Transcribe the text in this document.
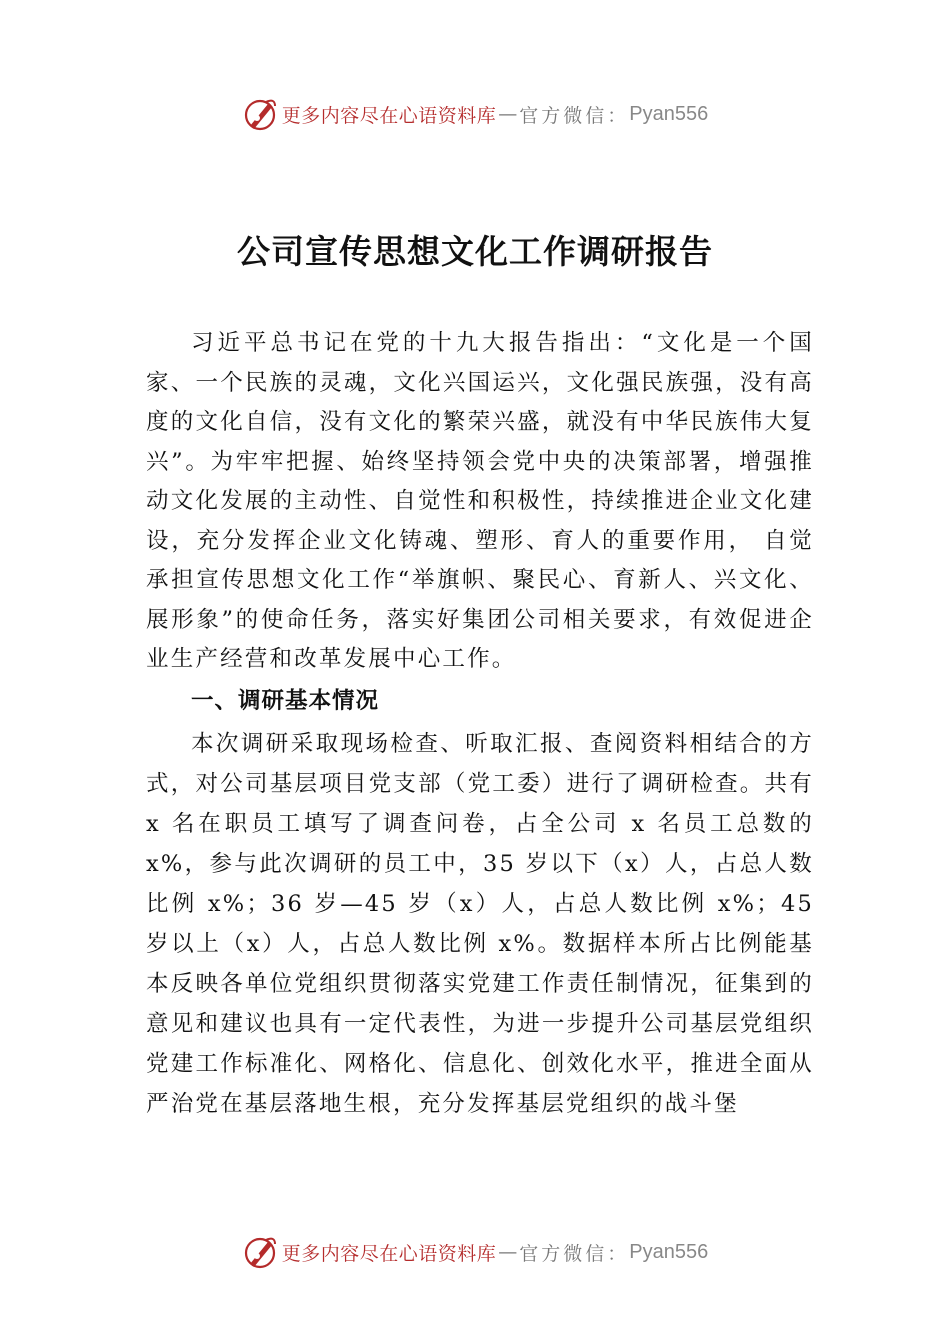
更多内容尽在心语资料库 — 官方微信： Pyan556
公司宣传思想文化工作调研报告

习近平总书记在党的十九大报告指出：“文化是一个国家、一个民族的灵魂，文化兴国运兴，文化强民族强，没有高度的文化自信，没有文化的繁荣兴盛，就没有中华民族伟大复兴”。为牢牢把握、始终坚持领会党中央的决策部署，增强推动文化发展的主动性、自觉性和积极性，持续推进企业文化建设，充分发挥企业文化铸魂、塑形、育人的重要作用， 自觉承担宣传思想文化工作“举旗帜、聚民心、育新人、兴文化、展形象”的使命任务，落实好集团公司相关要求，有效促进企业生产经营和改革发展中心工作。

一、调研基本情况

本次调研采取现场检查、听取汇报、查阅资料相结合的方式，对公司基层项目党支部（党工委）进行了调研检查。共有 x 名在职员工填写了调查问卷，占全公司 x 名员工总数的 x%，参与此次调研的员工中，35 岁以下（x）人，占总人数比例 x%；36 岁—45 岁（x）人，占总人数比例 x%；45 岁以上（x）人，占总人数比例 x%。数据样本所占比例能基本反映各单位党组织贯彻落实党建工作责任制情况，征集到的意见和建议也具有一定代表性，为进一步提升公司基层党组织党建工作标准化、网格化、信息化、创效化水平，推进全面从严治党在基层落地生根，充分发挥基层党组织的战斗堡

更多内容尽在心语资料库 — 官方微信： Pyan556
